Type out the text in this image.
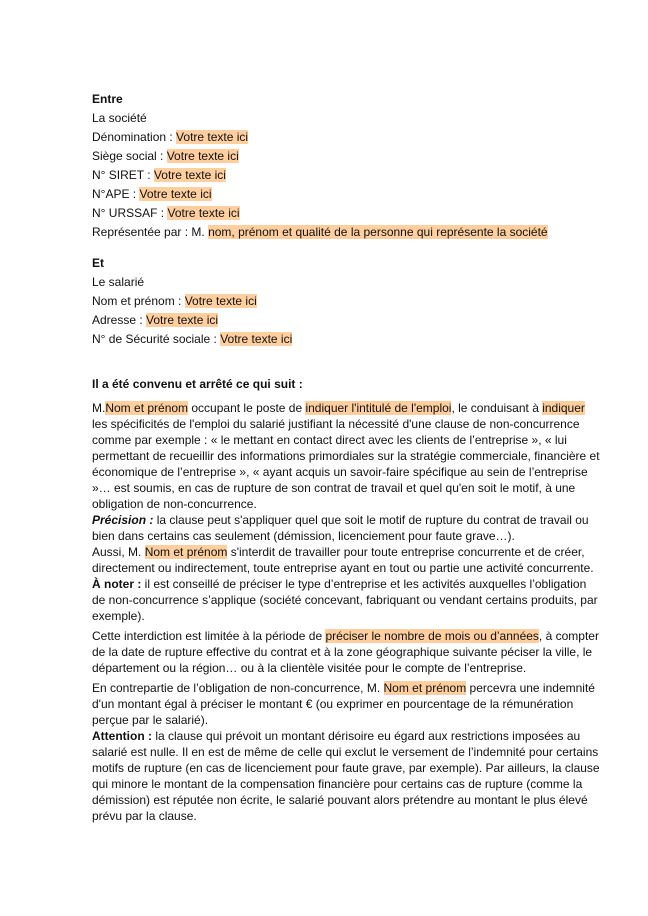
Entre
La société
Dénomination : Votre texte ici
Siège social : Votre texte ici
N° SIRET : Votre texte ici
N°APE : Votre texte ici
N° URSSAF : Votre texte ici
Représentée par : M. nom, prénom et qualité de la personne qui représente la société
Et
Le salarié
Nom et prénom : Votre texte ici
Adresse : Votre texte ici
N° de Sécurité sociale : Votre texte ici
Il a été convenu et arrêté ce qui suit :

M.Nom et prénom occupant le poste de indiquer l'intitulé de l'emploi, le conduisant à indiquer les spécificités de l'emploi du salarié justifiant la nécessité d'une clause de non-concurrence comme par exemple : « le mettant en contact direct avec les clients de l’entreprise », « lui permettant de recueillir des informations primordiales sur la stratégie commerciale, financière et économique de l’entreprise », « ayant acquis un savoir-faire spécifique au sein de l’entreprise »… est soumis, en cas de rupture de son contrat de travail et quel qu'en soit le motif, à une obligation de non-concurrence.

Précision : la clause peut s'appliquer quel que soit le motif de rupture du contrat de travail ou bien dans certains cas seulement (démission, licenciement pour faute grave…).

Aussi, M. Nom et prénom s'interdit de travailler pour toute entreprise concurrente et de créer, directement ou indirectement, toute entreprise ayant en tout ou partie une activité concurrente.

À noter : il est conseillé de préciser le type d’entreprise et les activités auxquelles l’obligation de non-concurrence s’applique (société concevant, fabriquant ou vendant certains produits, par exemple).

Cette interdiction est limitée à la période de préciser le nombre de mois ou d’années, à compter de la date de rupture effective du contrat et à la zone géographique suivante péciser la ville, le département ou la région… ou à la clientèle visitée pour le compte de l’entreprise.

En contrepartie de l’obligation de non-concurrence, M. Nom et prénom percevra une indemnité d'un montant égal à préciser le montant € (ou exprimer en pourcentage de la rémunération perçue par le salarié).

Attention : la clause qui prévoit un montant dérisoire eu égard aux restrictions imposées au salarié est nulle. Il en est de même de celle qui exclut le versement de l’indemnité pour certains motifs de rupture (en cas de licenciement pour faute grave, par exemple). Par ailleurs, la clause qui minore le montant de la compensation financière pour certains cas de rupture (comme la démission) est réputée non écrite, le salarié pouvant alors prétendre au montant le plus élevé prévu par la clause.
